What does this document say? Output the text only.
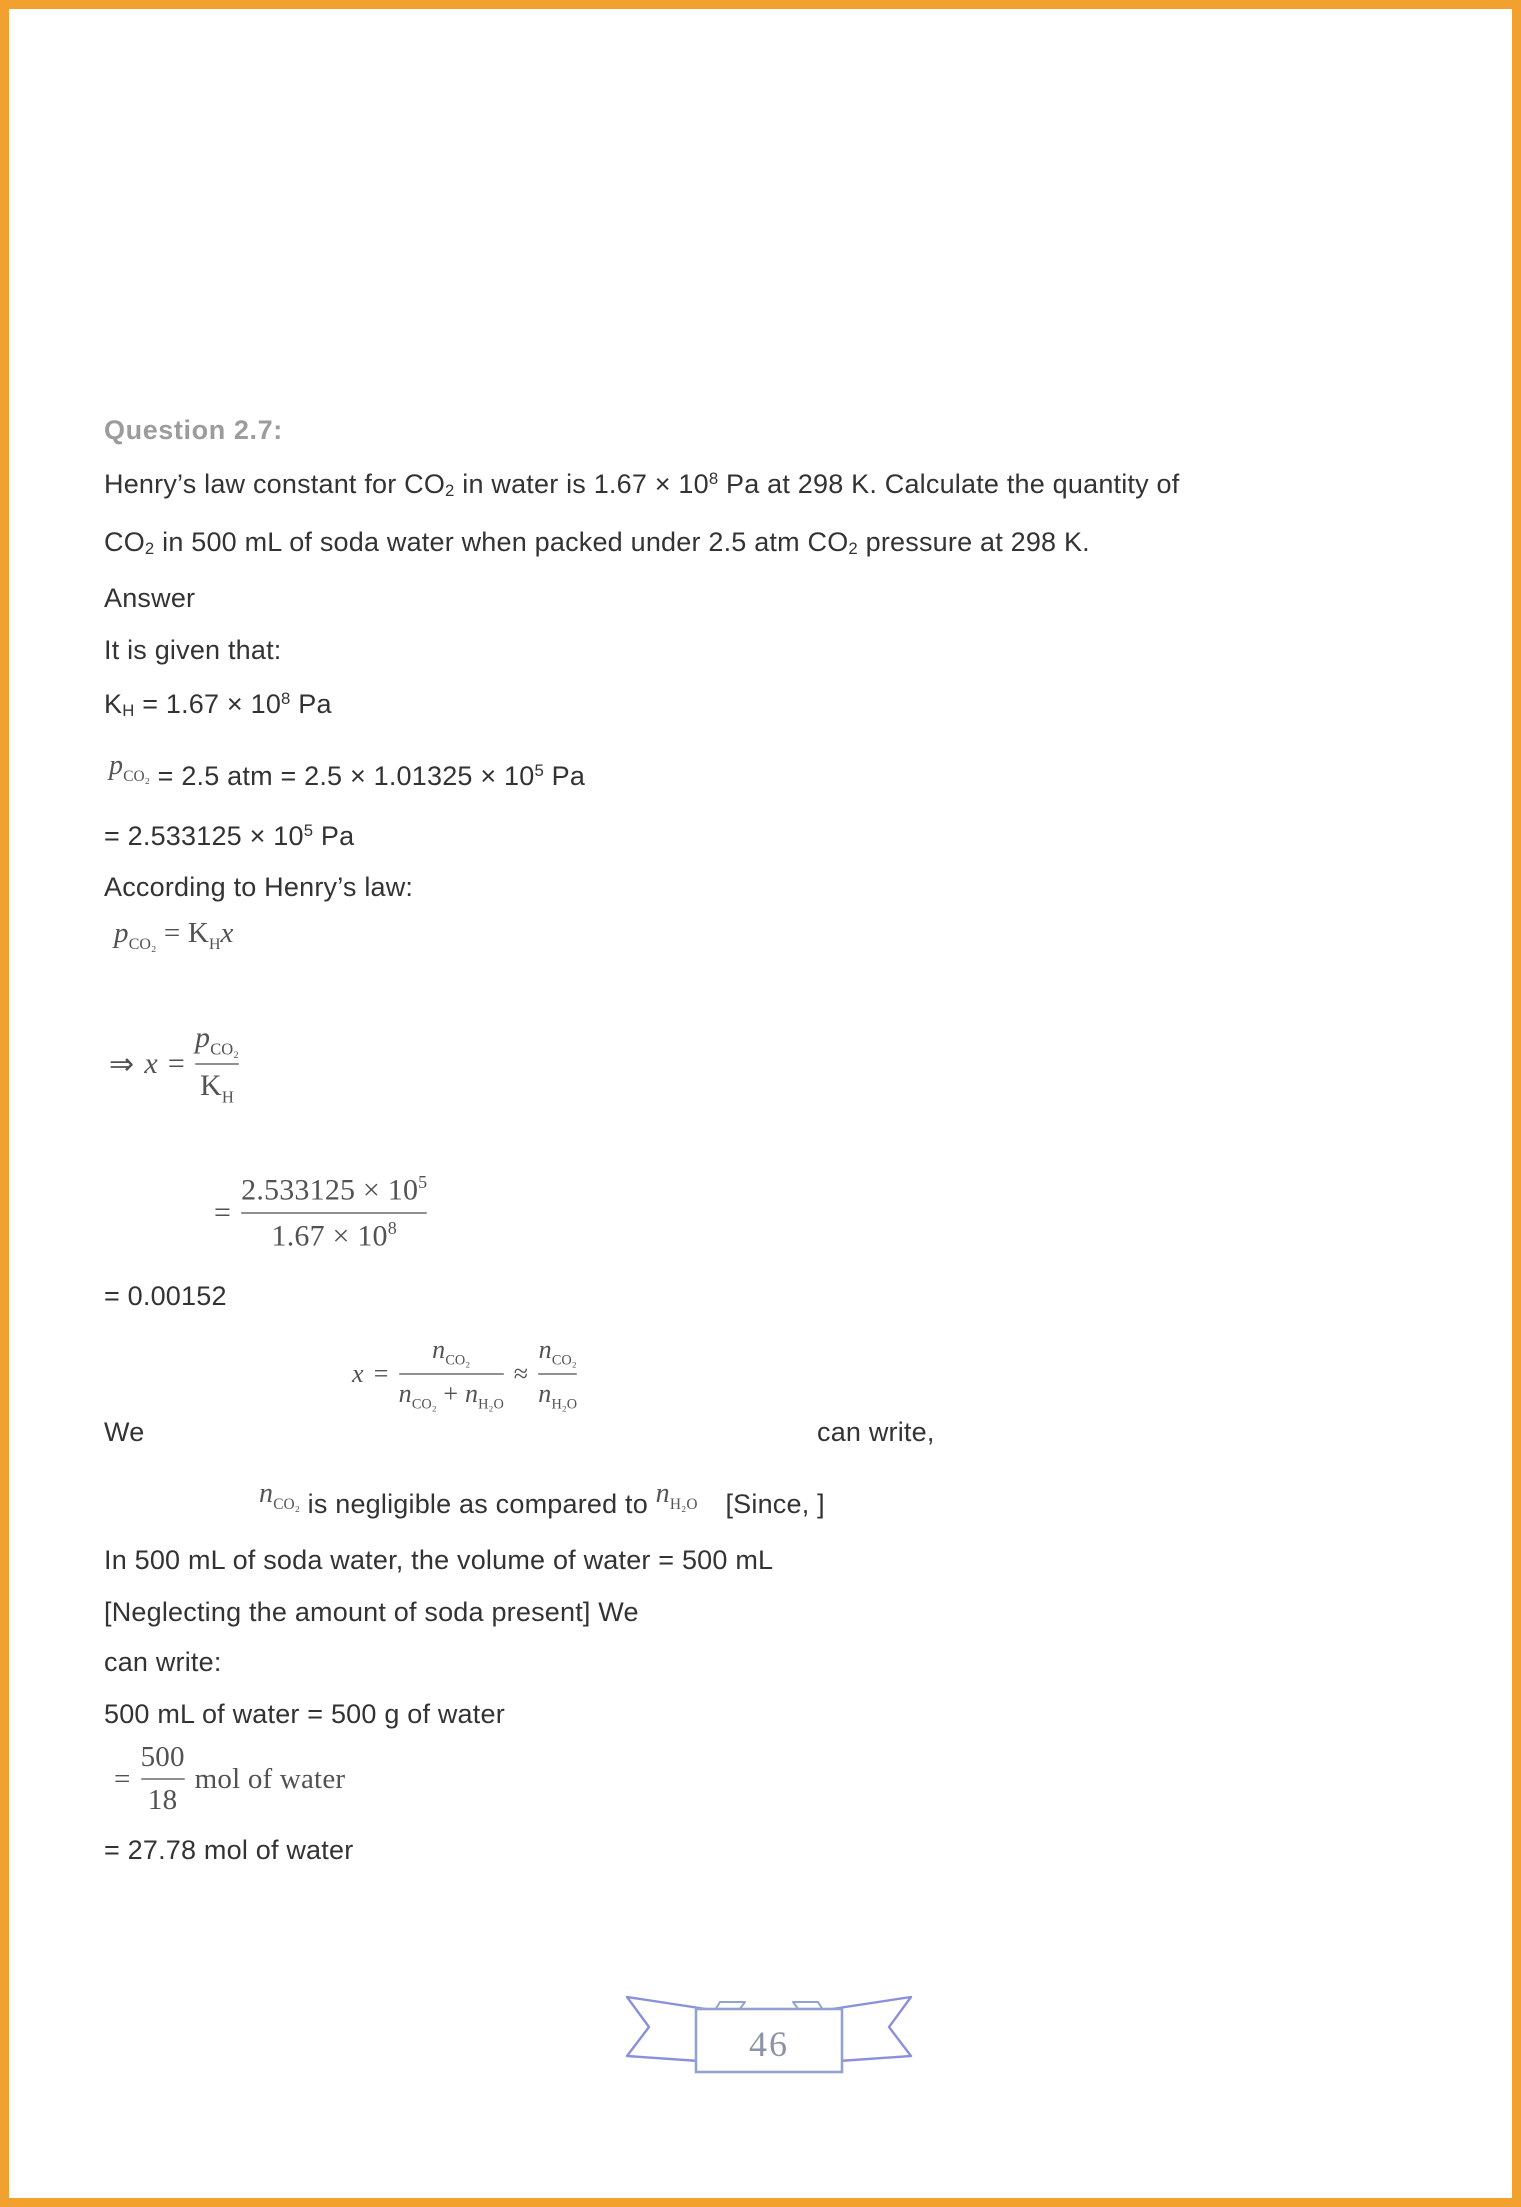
Question 2.7:
Henry’s law constant for CO2 in water is $1.67 \times 10^8$ Pa at 298 K. Calculate the quantity of
CO2 in 500 mL of soda water when packed under 2.5 atm CO2 pressure at 298 K.
Answer
It is given that:
KH = $1.67 \times 10^8$ Pa
$p_{CO_2} = 2.5$ atm = $2.5 \times 1.01325 \times 10^5$ Pa
= $2.533125 \times 10^5$ Pa
According to Henry’s law:
$p_{CO_2} = K_Hx$
⇒ $x = \frac{p_{CO_2}}{K_H}$
= $\frac{2.533125 \times 10^5}{1.67 \times 10^8}$
= 0.00152
$x = \frac{n_{CO_2}}{n_{CO_2} + n_{H_2O}} \approx \frac{n_{CO_2}}{n_{H_2O}}$
We	can write,
$n_{CO_2}$ is negligible as compared to $n_{H_2O}$ [Since, ]
In 500 mL of soda water, the volume of water = 500 mL
[Neglecting the amount of soda present] We
can write:
500 mL of water = 500 g of water
= $\frac{500}{18}$ mol of water
= 27.78 mol of water
46
